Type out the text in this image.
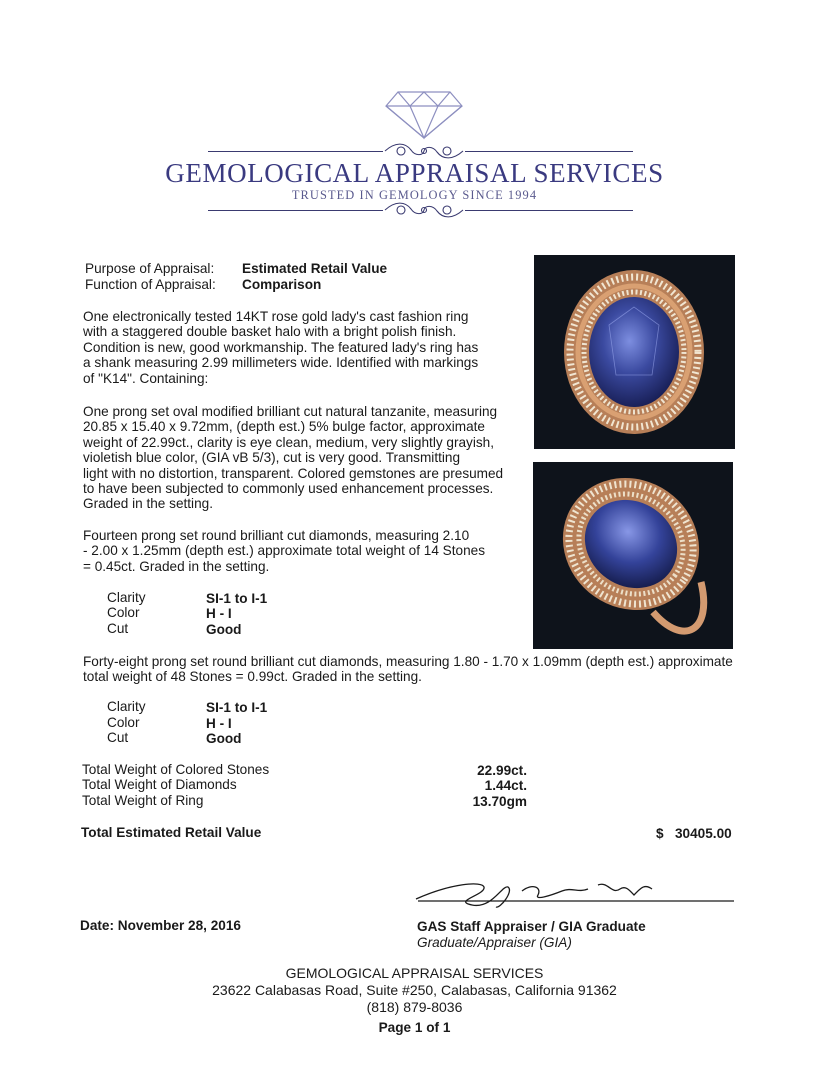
GEMOLOGICAL APPRAISAL SERVICES
TRUSTED IN GEMOLOGY SINCE 1994
Purpose of Appraisal: Estimated Retail Value
Function of Appraisal: Comparison
One electronically tested 14KT rose gold lady's cast fashion ring
with a staggered double basket halo with a bright polish finish.
Condition is new, good workmanship. The featured lady's ring has
a shank measuring 2.99 millimeters wide. Identified with markings
of "K14". Containing:
One prong set oval modified brilliant cut natural tanzanite, measuring
20.85 x 15.40 x 9.72mm, (depth est.) 5% bulge factor, approximate
weight of 22.99ct., clarity is eye clean, medium, very slightly grayish,
violetish blue color, (GIA vB 5/3), cut is very good. Transmitting
light with no distortion, transparent. Colored gemstones are presumed
to have been subjected to commonly used enhancement processes.
Graded in the setting.
Fourteen prong set round brilliant cut diamonds, measuring 2.10
- 2.00 x 1.25mm (depth est.) approximate total weight of 14 Stones
= 0.45ct. Graded in the setting.
Clarity	SI-1 to I-1
Color	H - I
Cut	Good
Forty-eight prong set round brilliant cut diamonds, measuring 1.80 - 1.70 x 1.09mm (depth est.) approximate
total weight of 48 Stones = 0.99ct. Graded in the setting.
Clarity	SI-1 to I-1
Color	H - I
Cut	Good
Total Weight of Colored Stones	22.99ct.
Total Weight of Diamonds	1.44ct.
Total Weight of Ring	13.70gm
Total Estimated Retail Value	$ 30405.00
Date: November 28, 2016	GAS Staff Appraiser / GIA Graduate
Graduate/Appraiser (GIA)
GEMOLOGICAL APPRAISAL SERVICES
23622 Calabasas Road, Suite #250, Calabasas, California 91362
(818) 879-8036
Page 1 of 1
